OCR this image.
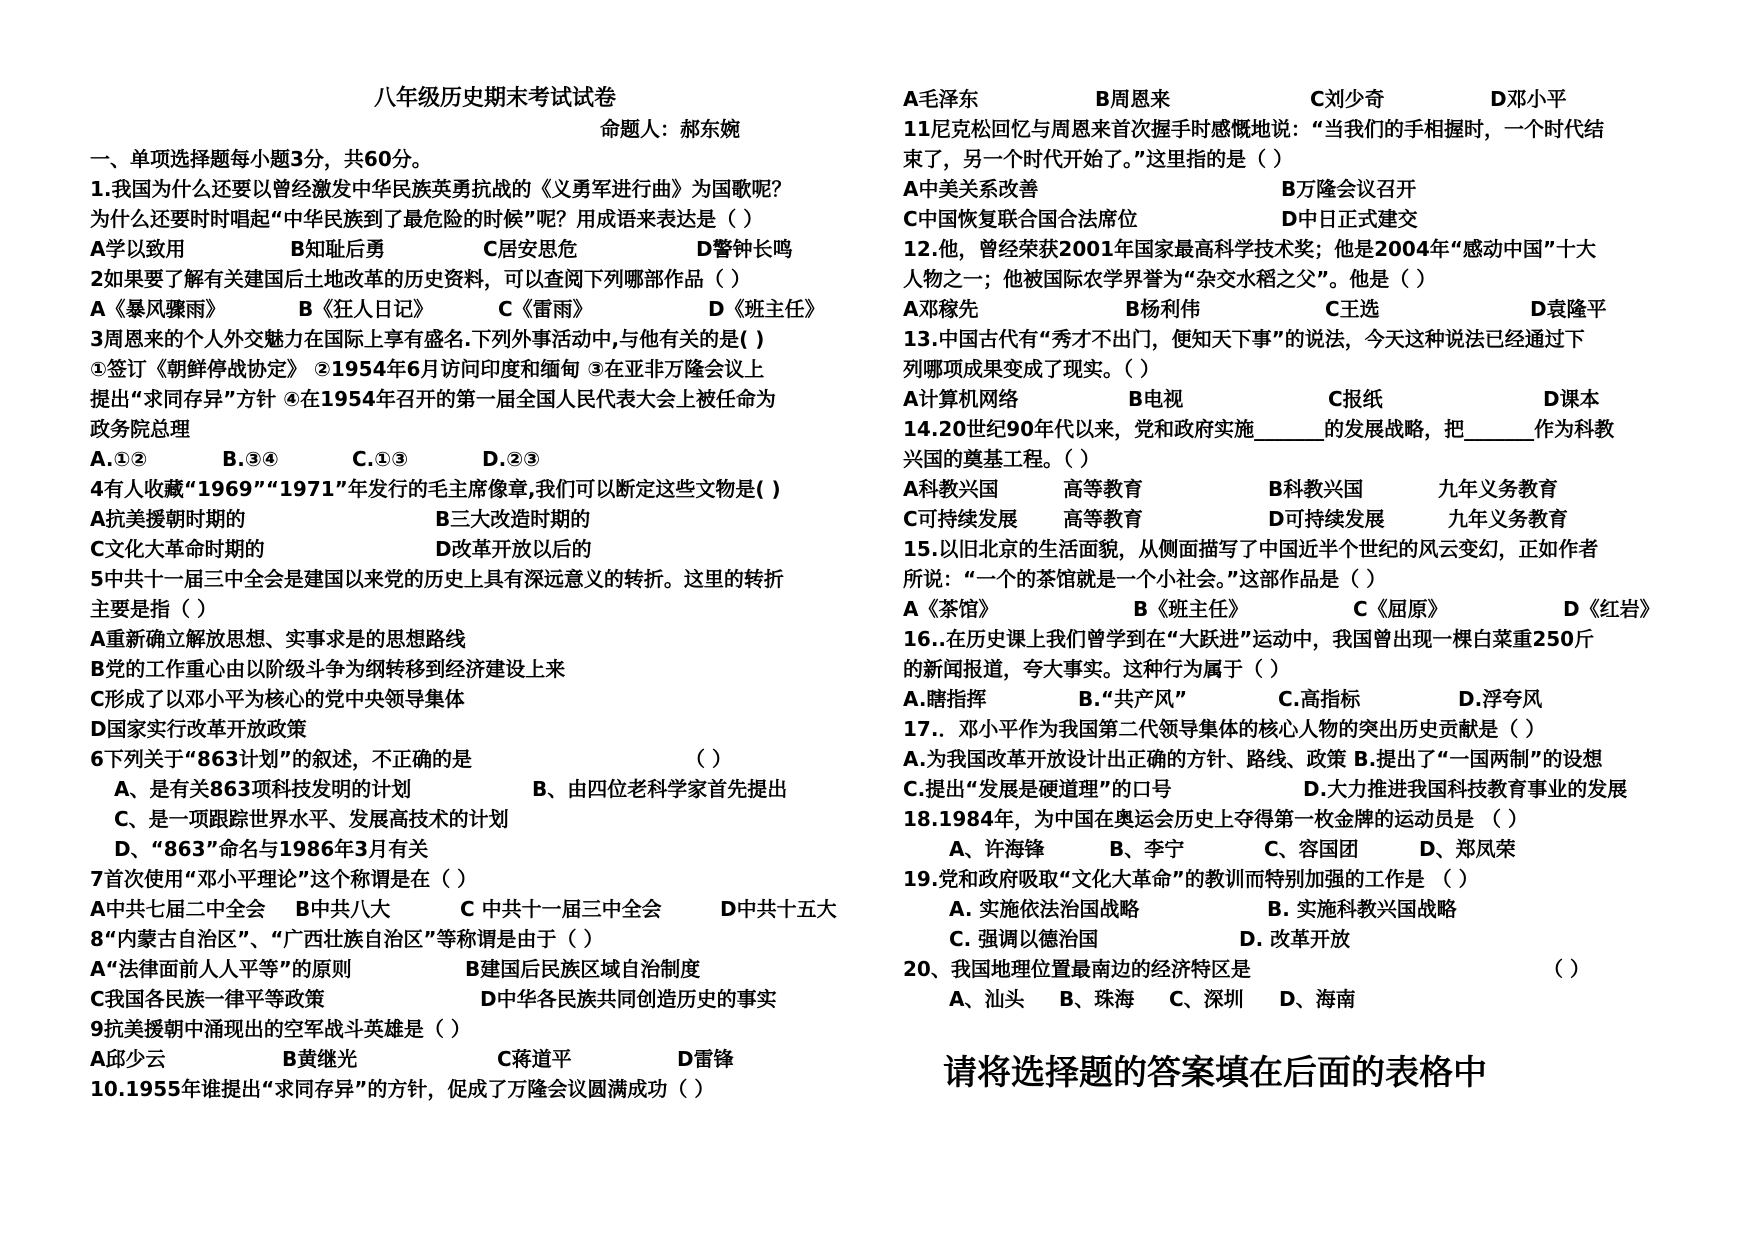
八年级历史期末考试试卷
命题人：郝东婉
一、单项选择题每小题3分，共60分。
1.我国为什么还要以曾经激发中华民族英勇抗战的《义勇军进行曲》为国歌呢？
为什么还要时时唱起“中华民族到了最危险的时候”呢？用成语来表达是（ ）
A学以致用	B知耻后勇	C居安思危	D警钟长鸣
2如果要了解有关建国后土地改革的历史资料，可以查阅下列哪部作品（ ）
A《暴风骤雨》	B《狂人日记》	C《雷雨》	D《班主任》
3周恩来的个人外交魅力在国际上享有盛名.下列外事活动中,与他有关的是( )
①签订《朝鲜停战协定》 ②1954年6月访问印度和缅甸 ③在亚非万隆会议上
提出“求同存异”方针 ④在1954年召开的第一届全国人民代表大会上被任命为
政务院总理
A.①②	B.③④	C.①③	D.②③
4有人收藏“1969”“1971”年发行的毛主席像章,我们可以断定这些文物是( )
A抗美援朝时期的	B三大改造时期的
C文化大革命时期的	D改革开放以后的
5中共十一届三中全会是建国以来党的历史上具有深远意义的转折。这里的转折
主要是指（ ）
A重新确立解放思想、实事求是的思想路线
B党的工作重心由以阶级斗争为纲转移到经济建设上来
C形成了以邓小平为核心的党中央领导集体
D国家实行改革开放政策
6下列关于“863计划”的叙述，不正确的是	（ ）
A、是有关863项科技发明的计划	B、由四位老科学家首先提出
C、是一项跟踪世界水平、发展高技术的计划
D、“863”命名与1986年3月有关
7首次使用“邓小平理论”这个称谓是在（ ）
A中共七届二中全会	B中共八大	C 中共十一届三中全会	D中共十五大
8“内蒙古自治区”、“广西壮族自治区”等称谓是由于（ ）
A“法律面前人人平等”的原则	B建国后民族区域自治制度
C我国各民族一律平等政策	D中华各民族共同创造历史的事实
9抗美援朝中涌现出的空军战斗英雄是（ ）
A邱少云	B黄继光	C蒋道平	D雷锋
10.1955年谁提出“求同存异”的方针，促成了万隆会议圆满成功（ ）
A毛泽东	B周恩来	C刘少奇	D邓小平
11尼克松回忆与周恩来首次握手时感慨地说：“当我们的手相握时，一个时代结
束了，另一个时代开始了。”这里指的是（ ）
A中美关系改善	B万隆会议召开
C中国恢复联合国合法席位	D中日正式建交
12.他，曾经荣获2001年国家最高科学技术奖；他是2004年“感动中国”十大
人物之一；他被国际农学界誉为“杂交水稻之父”。他是（ ）
A邓稼先	B杨利伟	C王选	D袁隆平
13.中国古代有“秀才不出门，便知天下事”的说法，今天这种说法已经通过下
列哪项成果变成了现实。（ ）
A计算机网络	B电视	C报纸	D课本
14.20世纪90年代以来，党和政府实施_______的发展战略，把_______作为科教
兴国的奠基工程。（ ）
A科教兴国	高等教育	B科教兴国	九年义务教育
C可持续发展	高等教育	D可持续发展	九年义务教育
15.以旧北京的生活面貌，从侧面描写了中国近半个世纪的风云变幻，正如作者
所说：“一个的茶馆就是一个小社会。”这部作品是（ ）
A《茶馆》	B《班主任》	C《屈原》	D《红岩》
16..在历史课上我们曾学到在“大跃进”运动中，我国曾出现一棵白菜重250斤
的新闻报道，夸大事实。这种行为属于（ ）
A.瞎指挥	B.“共产风”	C.高指标	D.浮夸风
17.．邓小平作为我国第二代领导集体的核心人物的突出历史贡献是（ ）
A.为我国改革开放设计出正确的方针、路线、政策 B.提出了“一国两制”的设想
C.提出“发展是硬道理”的口号	D.大力推进我国科技教育事业的发展
18.1984年，为中国在奥运会历史上夺得第一枚金牌的运动员是 （ ）
A、许海锋	B、李宁	C、容国团	D、郑凤荣
19.党和政府吸取“文化大革命”的教训而特别加强的工作是 （ ）
A. 实施依法治国战略	B. 实施科教兴国战略
C. 强调以德治国	D. 改革开放
20、我国地理位置最南边的经济特区是	（ ）
A、汕头	B、珠海	C、深圳	D、海南
请将选择题的答案填在后面的表格中
